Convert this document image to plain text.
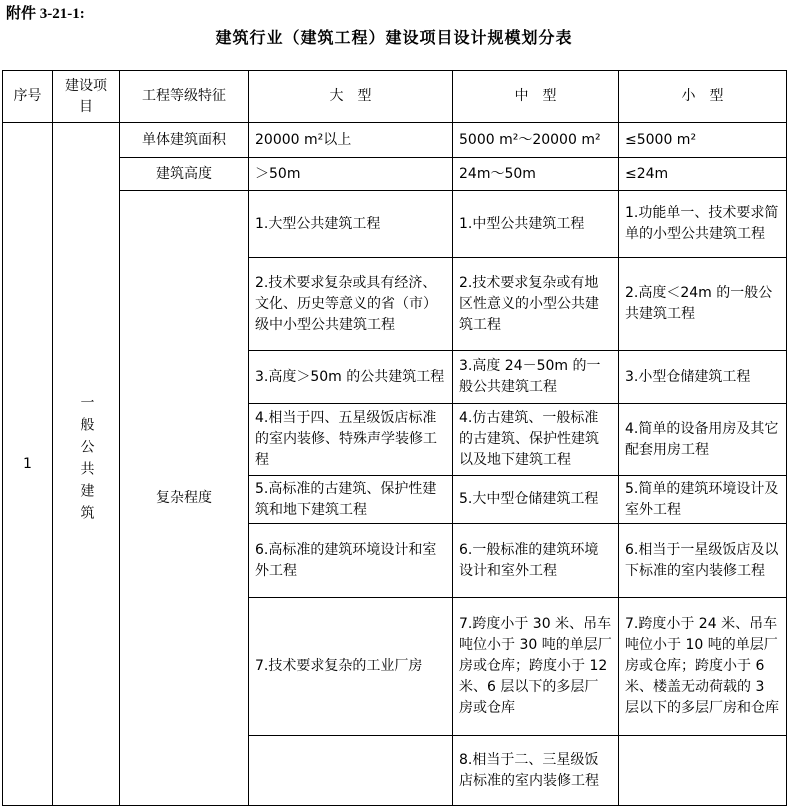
附件 3-21-1:
建筑行业（建筑工程）建设项目设计规模划分表
序号	建设项目	工程等级特征	大　型	中　型	小　型
1	一般公共建筑	单体建筑面积	20000 m²以上	5000 m²～20000 m²	≤5000 m²
		建筑高度	＞50m	24m～50m	≤24m
		复杂程度	1.大型公共建筑工程	1.中型公共建筑工程	1.功能单一、技术要求简单的小型公共建筑工程
			2.技术要求复杂或具有经济、文化、历史等意义的省（市）级中小型公共建筑工程	2.技术要求复杂或有地区性意义的小型公共建筑工程	2.高度＜24m 的一般公共建筑工程
			3.高度＞50m 的公共建筑工程	3.高度 24－50m 的一般公共建筑工程	3.小型仓储建筑工程
			4.相当于四、五星级饭店标准的室内装修、特殊声学装修工程	4.仿古建筑、一般标准的古建筑、保护性建筑以及地下建筑工程	4.简单的设备用房及其它配套用房工程
			5.高标准的古建筑、保护性建筑和地下建筑工程	5.大中型仓储建筑工程	5.简单的建筑环境设计及室外工程
			6.高标准的建筑环境设计和室外工程	6.一般标准的建筑环境设计和室外工程	6.相当于一星级饭店及以下标准的室内装修工程
			7.技术要求复杂的工业厂房	7.跨度小于 30 米、吊车吨位小于 30 吨的单层厂房或仓库；跨度小于 12 米、6 层以下的多层厂房或仓库	7.跨度小于 24 米、吊车吨位小于 10 吨的单层厂房或仓库；跨度小于 6 米、楼盖无动荷载的 3 层以下的多层厂房和仓库
				8.相当于二、三星级饭店标准的室内装修工程	
